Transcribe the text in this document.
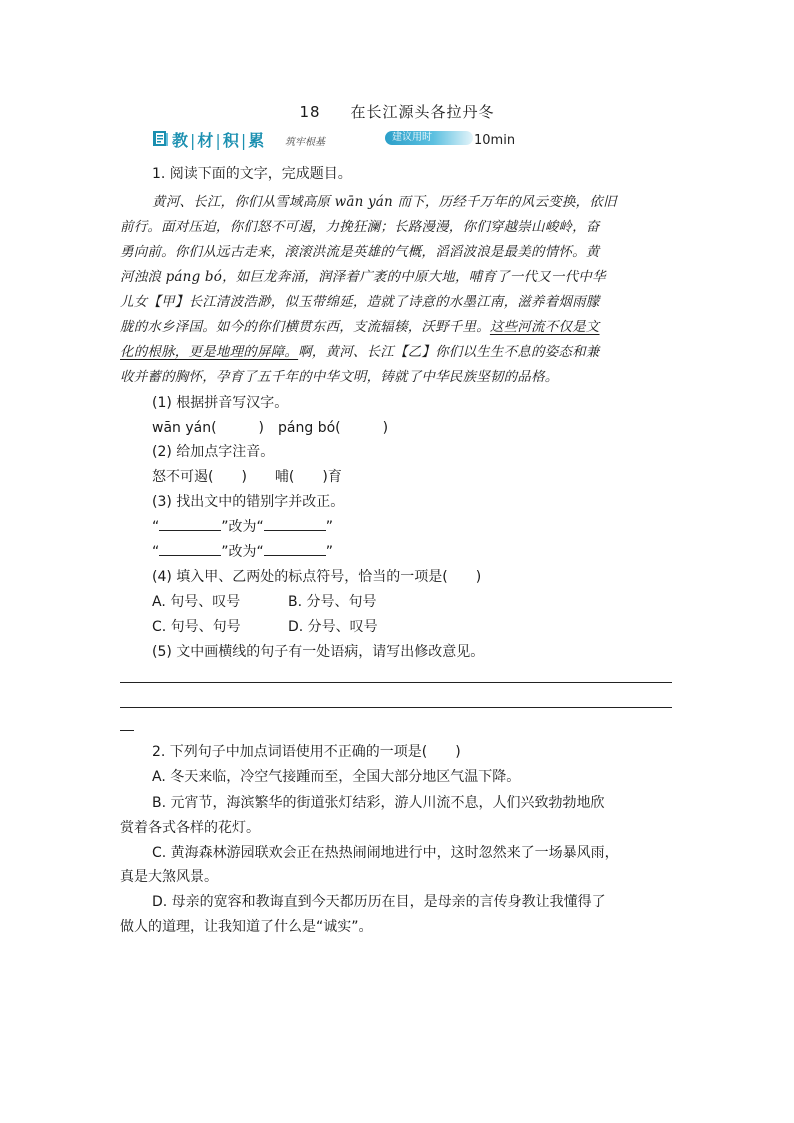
18 在长江源头各拉丹冬
教|材|积|累 筑牢根基	建议用时	10min
1. 阅读下面的文字，完成题目。
黄河、长江，你们从雪域高原 wān yán 而下，历经千万年的风云变换，依旧
前行。面对压迫，你们怒不可遏，力挽狂澜；长路漫漫，你们穿越崇山峻岭，奋
勇向前。你们从远古走来，滚滚洪流是英雄的气概，滔滔波浪是最美的情怀。黄
河浊浪 páng bó，如巨龙奔涌，润泽着广袤的中原大地，哺育了一代又一代中华
儿女【甲】长江清波浩渺，似玉带绵延，造就了诗意的水墨江南，滋养着烟雨朦
胧的水乡泽国。如今的你们横贯东西，支流辐辏，沃野千里。这些河流不仅是文
化的根脉，更是地理的屏障。啊，黄河、长江【乙】你们以生生不息的姿态和兼
收并蓄的胸怀，孕育了五千年的中华文明，铸就了中华民族坚韧的品格。
(1) 根据拼音写汉字。
wān yán(　　　)　páng bó(　　　)
(2) 给加点字注音。
怒不可遏(　　)　　哺(　　)育
(3) 找出文中的错别字并改正。
“	”改为“	”
“	”改为“	”
(4) 填入甲、乙两处的标点符号，恰当的一项是(　　)
A. 句号、叹号	B. 分号、句号
C. 句号、句号	D. 分号、叹号
(5) 文中画横线的句子有一处语病，请写出修改意见。
2. 下列句子中加点词语使用不正确的一项是(　　)
A. 冬天来临，冷空气接踵而至，全国大部分地区气温下降。
B. 元宵节，海滨繁华的街道张灯结彩，游人川流不息，人们兴致勃勃地欣
赏着各式各样的花灯。
C. 黄海森林游园联欢会正在热热闹闹地进行中，这时忽然来了一场暴风雨，
真是大煞风景。
D. 母亲的宽容和教诲直到今天都历历在目，是母亲的言传身教让我懂得了
做人的道理，让我知道了什么是“诚实”。
